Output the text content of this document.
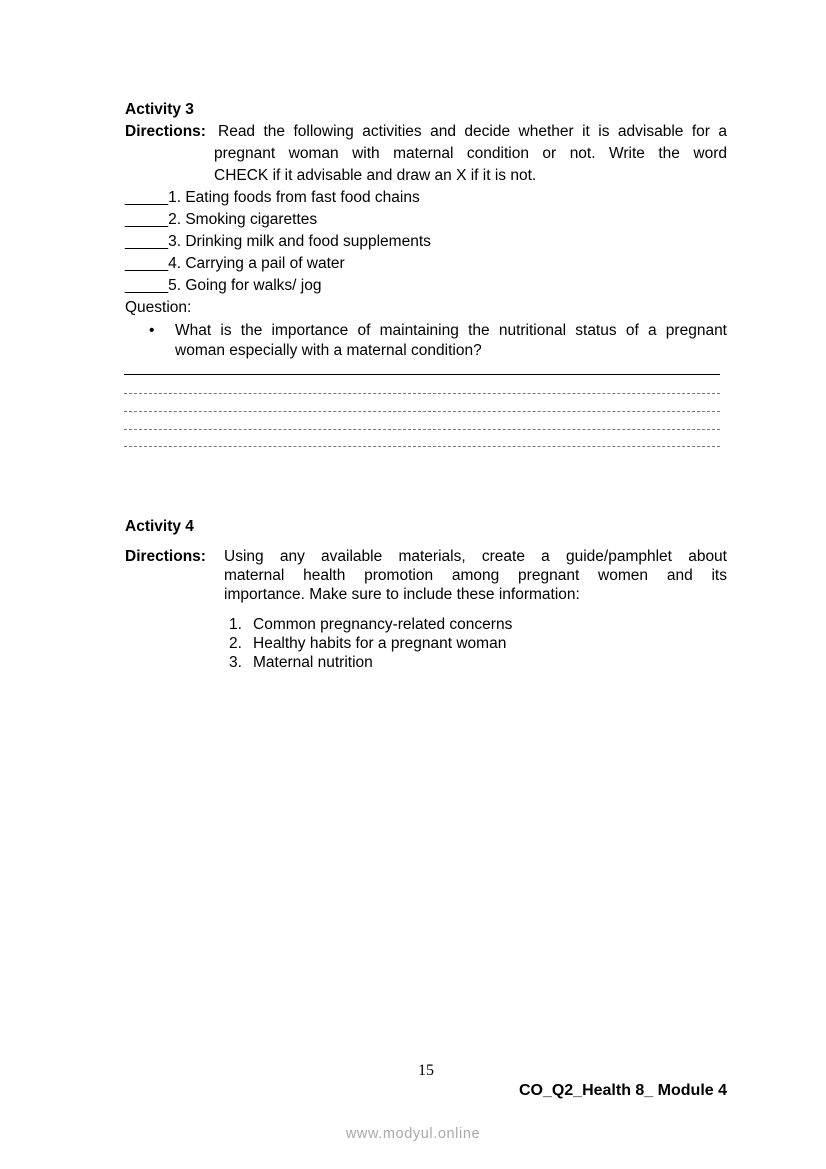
Activity 3
Directions: Read the following activities and decide whether it is advisable for a
pregnant woman with maternal condition or not. Write the word
CHECK if it advisable and draw an X if it is not.
_____1. Eating foods from fast food chains
_____2. Smoking cigarettes
_____3. Drinking milk and food supplements
_____4. Carrying a pail of water
_____5. Going for walks/ jog
Question:
• What is the importance of maintaining the nutritional status of a pregnant
woman especially with a maternal condition?
Activity 4
Directions: Using any available materials, create a guide/pamphlet about
maternal health promotion among pregnant women and its
importance. Make sure to include these information:
1. Common pregnancy-related concerns
2. Healthy habits for a pregnant woman
3. Maternal nutrition
15
CO_Q2_Health 8_ Module 4
www.modyul.online
